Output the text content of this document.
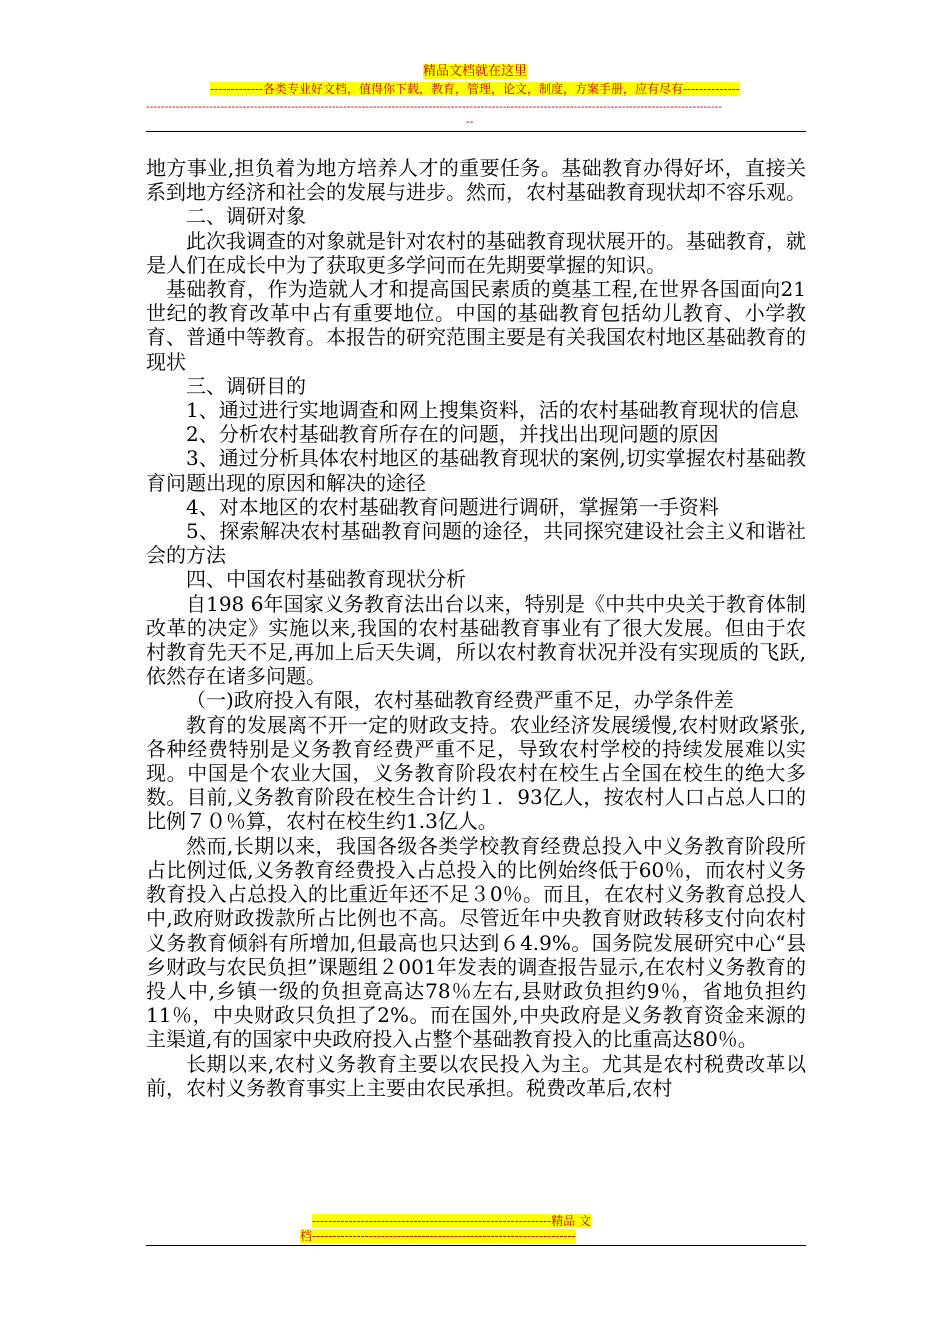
精品文档就在这里
-------------各类专业好文档，值得你下载，教育，管理，论文，制度，方案手册，应有尽有--------------
-----------------------------------------------------------------------------------------------------------------------------------------------------------
--

地方事业,担负着为地方培养人才的重要任务。基础教育办得好坏，直接关系到地方经济和社会的发展与进步。然而，农村基础教育现状却不容乐观。

二、调研对象

此次我调查的对象就是针对农村的基础教育现状展开的。基础教育，就是人们在成长中为了获取更多学问而在先期要掌握的知识。

基础教育，作为造就人才和提高国民素质的奠基工程,在世界各国面向21世纪的教育改革中占有重要地位。中国的基础教育包括幼儿教育、小学教育、普通中等教育。本报告的研究范围主要是有关我国农村地区基础教育的现状

三、调研目的

1、通过进行实地调查和网上搜集资料，活的农村基础教育现状的信息

2、分析农村基础教育所存在的问题，并找出出现问题的原因

3、通过分析具体农村地区的基础教育现状的案例,切实掌握农村基础教育问题出现的原因和解决的途径

4、对本地区的农村基础教育问题进行调研，掌握第一手资料

5、探索解决农村基础教育问题的途径，共同探究建设社会主义和谐社会的方法

四、中国农村基础教育现状分析

自198 6年国家义务教育法出台以来，特别是《中共中央关于教育体制改革的决定》实施以来,我国的农村基础教育事业有了很大发展。但由于农村教育先天不足,再加上后天失调，所以农村教育状况并没有实现质的飞跃,依然存在诸多问题。

（一)政府投入有限，农村基础教育经费严重不足，办学条件差

教育的发展离不开一定的财政支持。农业经济发展缓慢,农村财政紧张,各种经费特别是义务教育经费严重不足，导致农村学校的持续发展难以实现。中国是个农业大国，义务教育阶段农村在校生占全国在校生的绝大多数。目前,义务教育阶段在校生合计约１．93亿人，按农村人口占总人口的比例７０％算，农村在校生约1.3亿人。

然而,长期以来，我国各级各类学校教育经费总投入中义务教育阶段所占比例过低,义务教育经费投入占总投入的比例始终低于60％，而农村义务教育投入占总投入的比重近年还不足３0％。而且，在农村义务教育总投人中,政府财政拨款所占比例也不高。尽管近年中央教育财政转移支付向农村义务教育倾斜有所增加,但最高也只达到６4.9%。国务院发展研究中心“县乡财政与农民负担”课题组２001年发表的调查报告显示,在农村义务教育的投人中,乡镇一级的负担竟高达78％左右,县财政负担约9％，省地负担约11％，中央财政只负担了2%。而在国外,中央政府是义务教育资金来源的主渠道,有的国家中央政府投入占整个基础教育投入的比重高达80％。

长期以来,农村义务教育主要以农民投入为主。尤其是农村税费改革以前，农村义务教育事实上主要由农民承担。税费改革后,农村

-----------------------------------------------------------精品 文
档-----------------------------------------------------------------
